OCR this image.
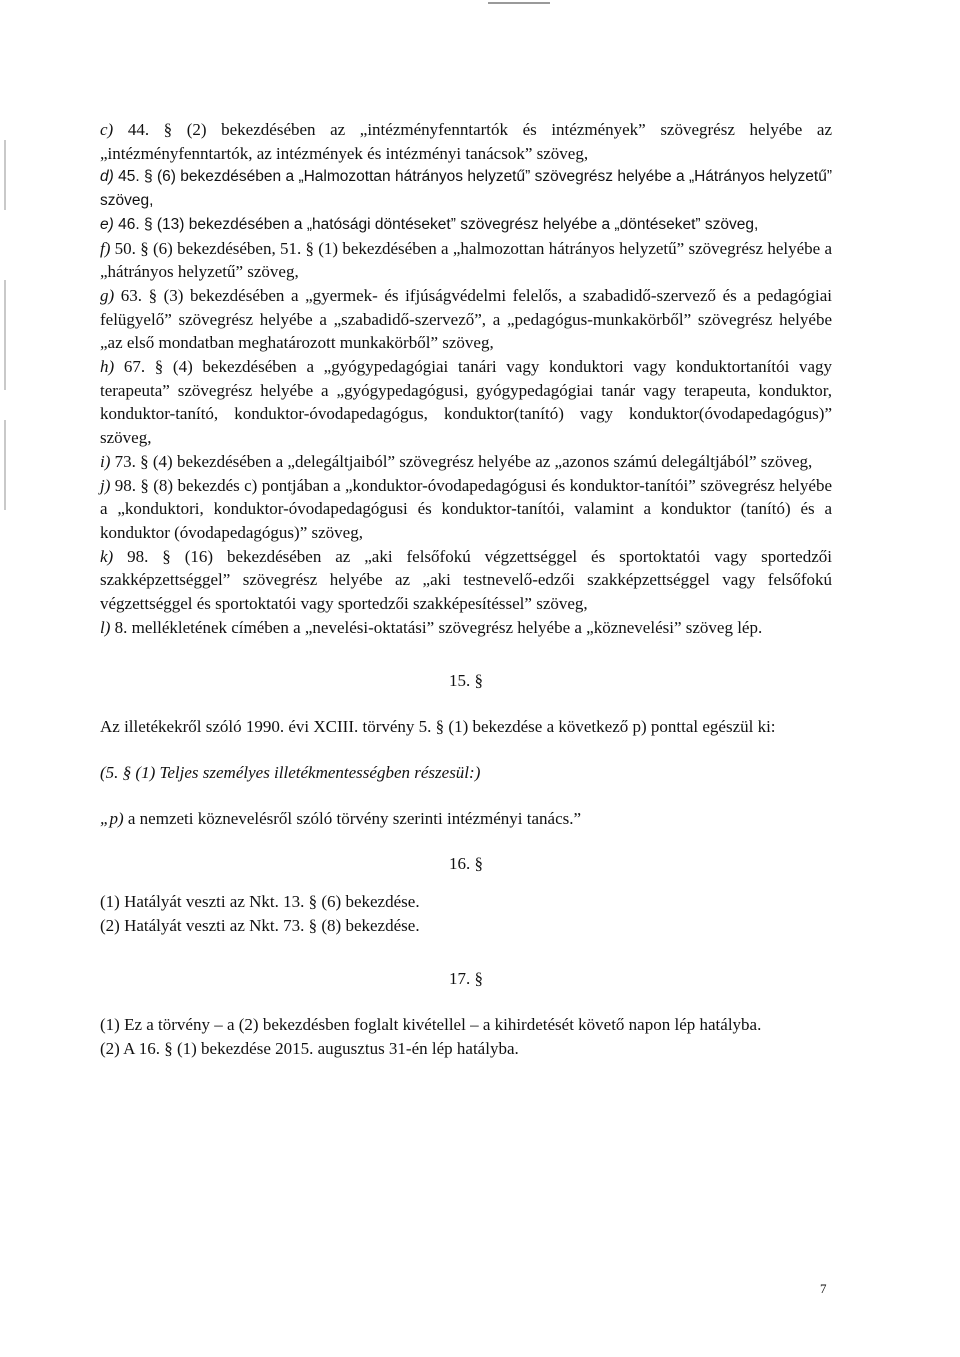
c) 44. § (2) bekezdésében az „intézményfenntartók és intézmények” szövegrész helyébe az „intézményfenntartók, az intézmények és intézményi tanácsok” szöveg,

d) 45. § (6) bekezdésében a „Halmozottan hátrányos helyzetű” szövegrész helyébe a „Hátrányos helyzetű” szöveg,

e) 46. § (13) bekezdésében a „hatósági döntéseket” szövegrész helyébe a „döntéseket” szöveg,

f) 50. § (6) bekezdésében, 51. § (1) bekezdésében a „halmozottan hátrányos helyzetű” szövegrész helyébe a „hátrányos helyzetű” szöveg,

g) 63. § (3) bekezdésében a „gyermek- és ifjúságvédelmi felelős, a szabadidő-szervező és a pedagógiai felügyelő” szövegrész helyébe a „szabadidő-szervező”, a „pedagógus-munkakörből” szövegrész helyébe „az első mondatban meghatározott munkakörből” szöveg,

h) 67. § (4) bekezdésében a „gyógypedagógiai tanári vagy konduktori vagy konduktortanítói vagy terapeuta” szövegrész helyébe a „gyógypedagógusi, gyógypedagógiai tanár vagy terapeuta, konduktor, konduktor-tanító, konduktor-óvodapedagógus, konduktor(tanító) vagy konduktor(óvodapedagógus)” szöveg,

i) 73. § (4) bekezdésében a „delegáltjaiból” szövegrész helyébe az „azonos számú delegáltjából” szöveg,

j) 98. § (8) bekezdés c) pontjában a „konduktor-óvodapedagógusi és konduktor-tanítói” szövegrész helyébe a „konduktori, konduktor-óvodapedagógusi és konduktor-tanítói, valamint a konduktor (tanító) és a konduktor (óvodapedagógus)” szöveg,

k) 98. § (16) bekezdésében az „aki felsőfokú végzettséggel és sportoktatói vagy sportedzői szakképzettséggel” szövegrész helyébe az „aki testnevelő-edzői szakképzettséggel vagy felsőfokú végzettséggel és sportoktatói vagy sportedzői szakképesítéssel” szöveg,

l) 8. mellékletének címében a „nevelési-oktatási” szövegrész helyébe a „köznevelési” szöveg lép.

15. §

Az illetékekről szóló 1990. évi XCIII. törvény 5. § (1) bekezdése a következő p) ponttal egészül ki:

(5. § (1) Teljes személyes illetékmentességben részesül:)

„p) a nemzeti köznevelésről szóló törvény szerinti intézményi tanács.”

16. §

(1) Hatályát veszti az Nkt. 13. § (6) bekezdése.

(2) Hatályát veszti az Nkt. 73. § (8) bekezdése.

17. §

(1) Ez a törvény – a (2) bekezdésben foglalt kivétellel – a kihirdetését követő napon lép hatályba.

(2) A 16. § (1) bekezdése 2015. augusztus 31-én lép hatályba.

7
